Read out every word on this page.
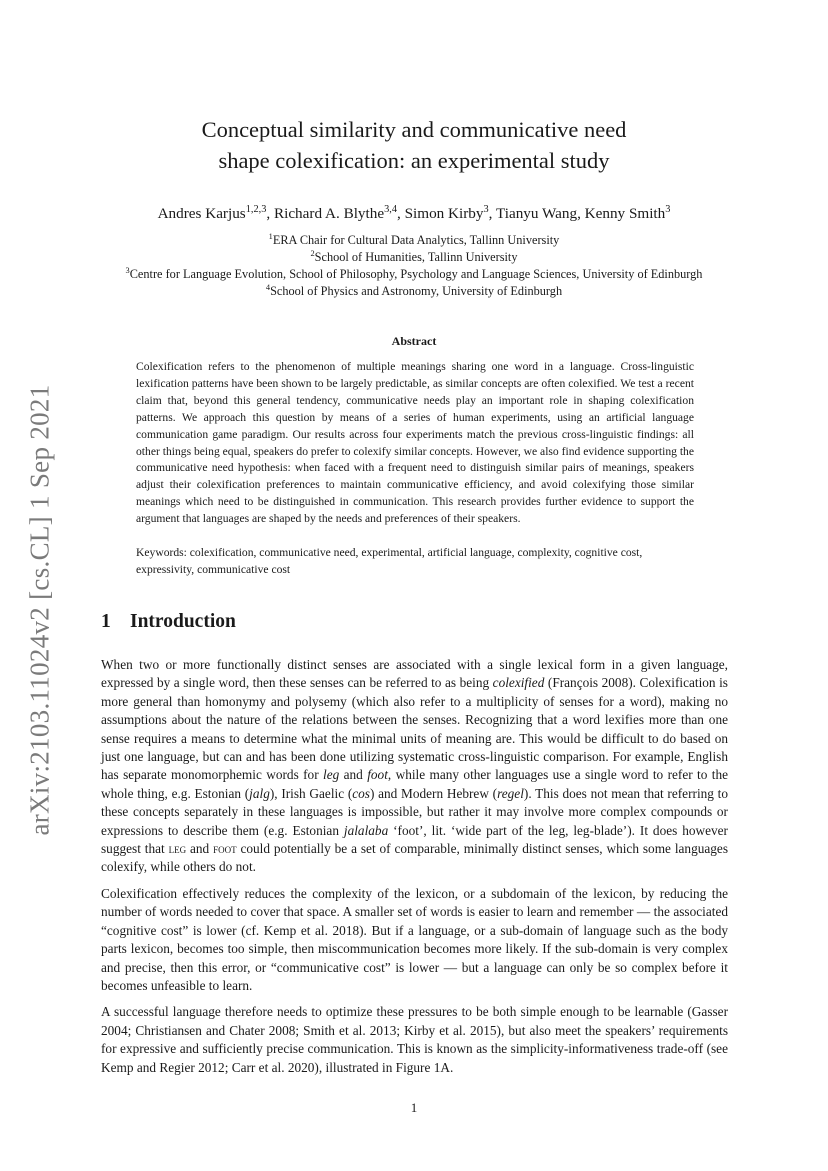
arXiv:2103.11024v2 [cs.CL] 1 Sep 2021
Conceptual similarity and communicative need
shape colexification: an experimental study
Andres Karjus$^{1,2,3}$, Richard A. Blythe$^{3,4}$, Simon Kirby$^3$, Tianyu Wang, Kenny Smith$^3$
$^1$ERA Chair for Cultural Data Analytics, Tallinn University
$^2$School of Humanities, Tallinn University
$^3$Centre for Language Evolution, School of Philosophy, Psychology and Language Sciences, University of Edinburgh
$^4$School of Physics and Astronomy, University of Edinburgh
Abstract
Colexification refers to the phenomenon of multiple meanings sharing one word in a language. Cross-linguistic lexification patterns have been shown to be largely predictable, as similar concepts are often colexified. We test a recent claim that, beyond this general tendency, communicative needs play an important role in shaping colexification patterns. We approach this question by means of a series of human experiments, using an artificial language communication game paradigm. Our results across four experiments match the previous cross-linguistic findings: all other things being equal, speakers do prefer to colexify similar concepts. However, we also find evidence supporting the communicative need hypothesis: when faced with a frequent need to distinguish similar pairs of meanings, speakers adjust their colexification preferences to maintain communicative efficiency, and avoid colexifying those similar meanings which need to be distinguished in communication. This research provides further evidence to support the argument that languages are shaped by the needs and preferences of their speakers.
Keywords: colexification, communicative need, experimental, artificial language, complexity, cognitive cost, expressivity, communicative cost
1 Introduction

When two or more functionally distinct senses are associated with a single lexical form in a given language, expressed by a single word, then these senses can be referred to as being colexified (François 2008). Colexification is more general than homonymy and polysemy (which also refer to a multiplicity of senses for a word), making no assumptions about the nature of the relations between the senses. Recognizing that a word lexifies more than one sense requires a means to determine what the minimal units of meaning are. This would be difficult to do based on just one language, but can and has been done utilizing systematic cross-linguistic comparison. For example, English has separate monomorphemic words for leg and foot, while many other languages use a single word to refer to the whole thing, e.g. Estonian (jalg), Irish Gaelic (cos) and Modern Hebrew (regel). This does not mean that referring to these concepts separately in these languages is impossible, but rather it may involve more complex compounds or expressions to describe them (e.g. Estonian jalalaba ‘foot’, lit. ‘wide part of the leg, leg-blade’). It does however suggest that leg and foot could potentially be a set of comparable, minimally distinct senses, which some languages colexify, while others do not.

Colexification effectively reduces the complexity of the lexicon, or a subdomain of the lexicon, by reducing the number of words needed to cover that space. A smaller set of words is easier to learn and remember — the associated “cognitive cost” is lower (cf. Kemp et al. 2018). But if a language, or a sub-domain of language such as the body parts lexicon, becomes too simple, then miscommunication becomes more likely. If the sub-domain is very complex and precise, then this error, or “communicative cost” is lower — but a language can only be so complex before it becomes unfeasible to learn.

A successful language therefore needs to optimize these pressures to be both simple enough to be learnable (Gasser 2004; Christiansen and Chater 2008; Smith et al. 2013; Kirby et al. 2015), but also meet the speakers’ requirements for expressive and sufficiently precise communication. This is known as the simplicity-informativeness trade-off (see Kemp and Regier 2012; Carr et al. 2020), illustrated in Figure 1A.

1
